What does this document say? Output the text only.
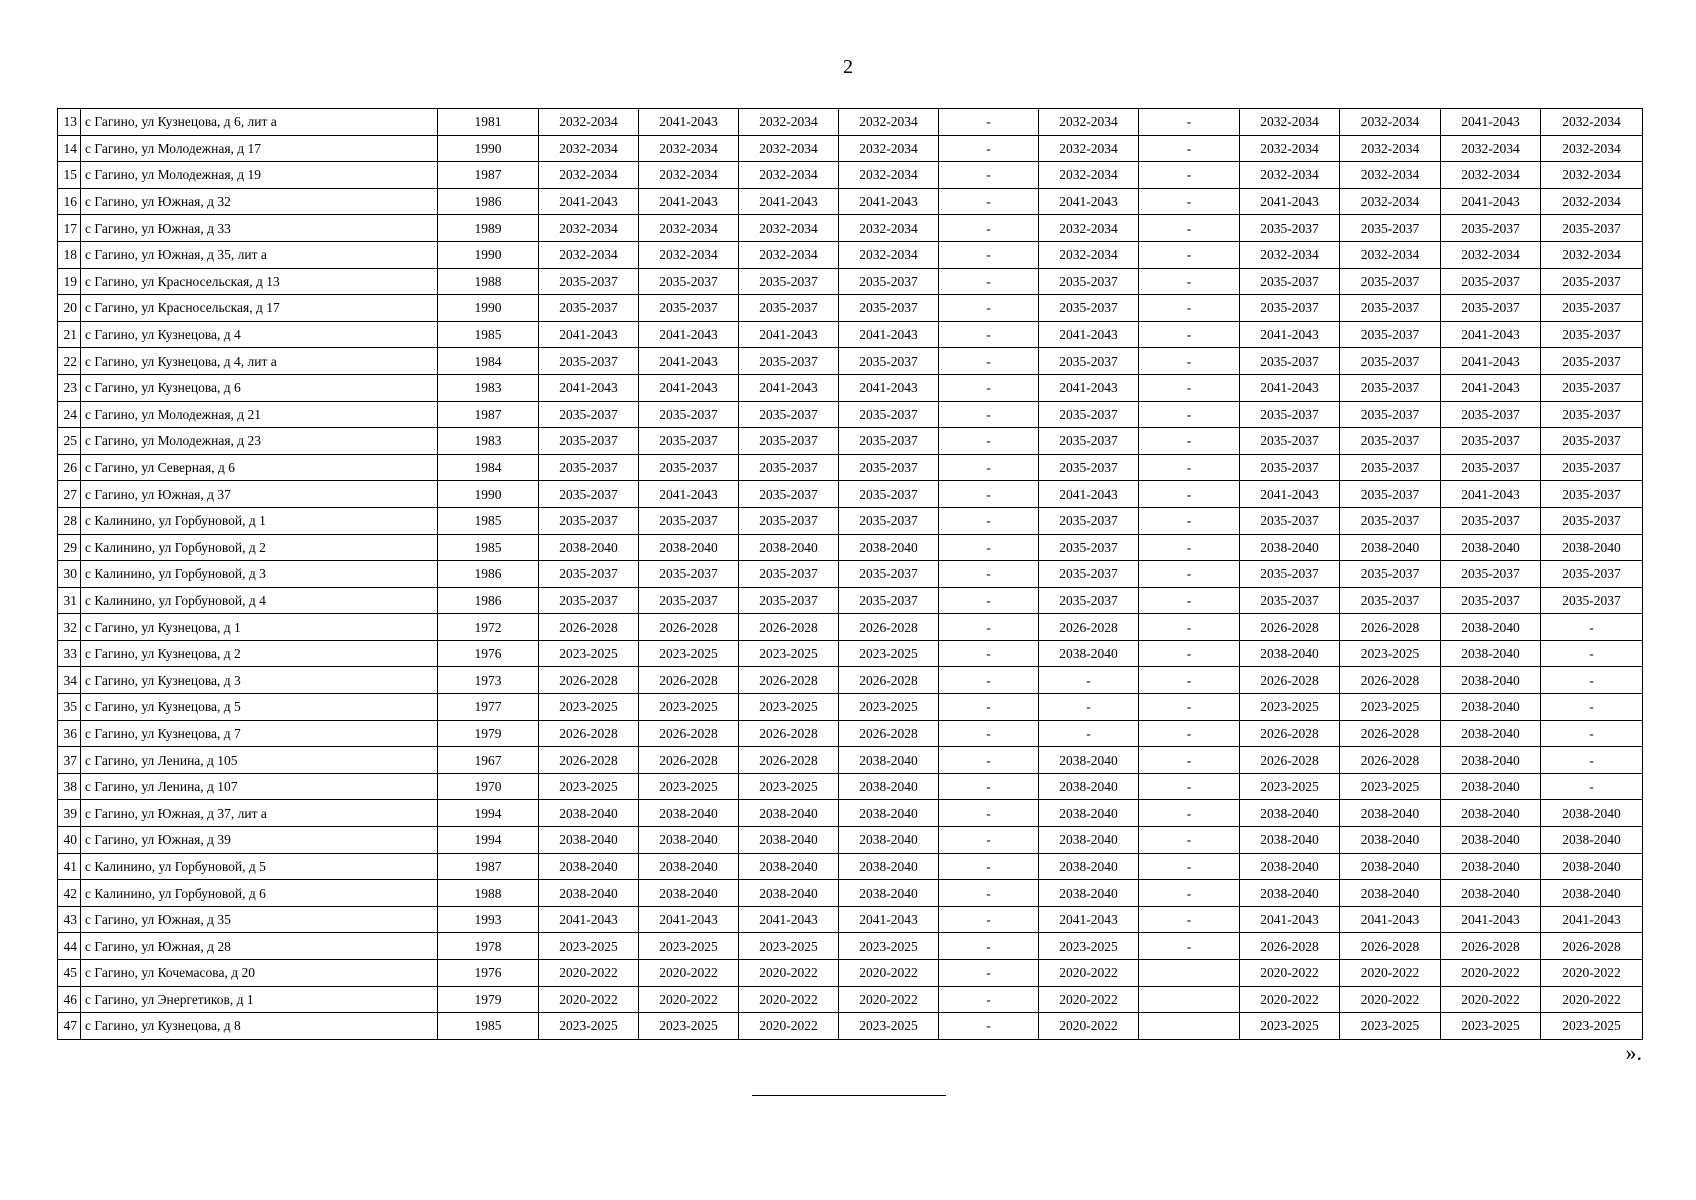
2
13	с Гагино, ул Кузнецова, д 6, лит а	1981	2032-2034	2041-2043	2032-2034	2032-2034	-	2032-2034	-	2032-2034	2032-2034	2041-2043	2032-2034
14	с Гагино, ул Молодежная, д 17	1990	2032-2034	2032-2034	2032-2034	2032-2034	-	2032-2034	-	2032-2034	2032-2034	2032-2034	2032-2034
15	с Гагино, ул Молодежная, д 19	1987	2032-2034	2032-2034	2032-2034	2032-2034	-	2032-2034	-	2032-2034	2032-2034	2032-2034	2032-2034
16	с Гагино, ул Южная, д 32	1986	2041-2043	2041-2043	2041-2043	2041-2043	-	2041-2043	-	2041-2043	2032-2034	2041-2043	2032-2034
17	с Гагино, ул Южная, д 33	1989	2032-2034	2032-2034	2032-2034	2032-2034	-	2032-2034	-	2035-2037	2035-2037	2035-2037	2035-2037
18	с Гагино, ул Южная, д 35, лит а	1990	2032-2034	2032-2034	2032-2034	2032-2034	-	2032-2034	-	2032-2034	2032-2034	2032-2034	2032-2034
19	с Гагино, ул Красносельская, д 13	1988	2035-2037	2035-2037	2035-2037	2035-2037	-	2035-2037	-	2035-2037	2035-2037	2035-2037	2035-2037
20	с Гагино, ул Красносельская, д 17	1990	2035-2037	2035-2037	2035-2037	2035-2037	-	2035-2037	-	2035-2037	2035-2037	2035-2037	2035-2037
21	с Гагино, ул Кузнецова, д 4	1985	2041-2043	2041-2043	2041-2043	2041-2043	-	2041-2043	-	2041-2043	2035-2037	2041-2043	2035-2037
22	с Гагино, ул Кузнецова, д 4, лит а	1984	2035-2037	2041-2043	2035-2037	2035-2037	-	2035-2037	-	2035-2037	2035-2037	2041-2043	2035-2037
23	с Гагино, ул Кузнецова, д 6	1983	2041-2043	2041-2043	2041-2043	2041-2043	-	2041-2043	-	2041-2043	2035-2037	2041-2043	2035-2037
24	с Гагино, ул Молодежная, д 21	1987	2035-2037	2035-2037	2035-2037	2035-2037	-	2035-2037	-	2035-2037	2035-2037	2035-2037	2035-2037
25	с Гагино, ул Молодежная, д 23	1983	2035-2037	2035-2037	2035-2037	2035-2037	-	2035-2037	-	2035-2037	2035-2037	2035-2037	2035-2037
26	с Гагино, ул Северная, д 6	1984	2035-2037	2035-2037	2035-2037	2035-2037	-	2035-2037	-	2035-2037	2035-2037	2035-2037	2035-2037
27	с Гагино, ул Южная, д 37	1990	2035-2037	2041-2043	2035-2037	2035-2037	-	2041-2043	-	2041-2043	2035-2037	2041-2043	2035-2037
28	с Калинино, ул Горбуновой, д 1	1985	2035-2037	2035-2037	2035-2037	2035-2037	-	2035-2037	-	2035-2037	2035-2037	2035-2037	2035-2037
29	с Калинино, ул Горбуновой, д 2	1985	2038-2040	2038-2040	2038-2040	2038-2040	-	2035-2037	-	2038-2040	2038-2040	2038-2040	2038-2040
30	с Калинино, ул Горбуновой, д 3	1986	2035-2037	2035-2037	2035-2037	2035-2037	-	2035-2037	-	2035-2037	2035-2037	2035-2037	2035-2037
31	с Калинино, ул Горбуновой, д 4	1986	2035-2037	2035-2037	2035-2037	2035-2037	-	2035-2037	-	2035-2037	2035-2037	2035-2037	2035-2037
32	с Гагино, ул Кузнецова, д 1	1972	2026-2028	2026-2028	2026-2028	2026-2028	-	2026-2028	-	2026-2028	2026-2028	2038-2040	-
33	с Гагино, ул Кузнецова, д 2	1976	2023-2025	2023-2025	2023-2025	2023-2025	-	2038-2040	-	2038-2040	2023-2025	2038-2040	-
34	с Гагино, ул Кузнецова, д 3	1973	2026-2028	2026-2028	2026-2028	2026-2028	-	-	-	2026-2028	2026-2028	2038-2040	-
35	с Гагино, ул Кузнецова, д 5	1977	2023-2025	2023-2025	2023-2025	2023-2025	-	-	-	2023-2025	2023-2025	2038-2040	-
36	с Гагино, ул Кузнецова, д 7	1979	2026-2028	2026-2028	2026-2028	2026-2028	-	-	-	2026-2028	2026-2028	2038-2040	-
37	с Гагино, ул Ленина, д 105	1967	2026-2028	2026-2028	2026-2028	2038-2040	-	2038-2040	-	2026-2028	2026-2028	2038-2040	-
38	с Гагино, ул Ленина, д 107	1970	2023-2025	2023-2025	2023-2025	2038-2040	-	2038-2040	-	2023-2025	2023-2025	2038-2040	-
39	с Гагино, ул Южная, д 37, лит а	1994	2038-2040	2038-2040	2038-2040	2038-2040	-	2038-2040	-	2038-2040	2038-2040	2038-2040	2038-2040
40	с Гагино, ул Южная, д 39	1994	2038-2040	2038-2040	2038-2040	2038-2040	-	2038-2040	-	2038-2040	2038-2040	2038-2040	2038-2040
41	с Калинино, ул Горбуновой, д 5	1987	2038-2040	2038-2040	2038-2040	2038-2040	-	2038-2040	-	2038-2040	2038-2040	2038-2040	2038-2040
42	с Калинино, ул Горбуновой, д 6	1988	2038-2040	2038-2040	2038-2040	2038-2040	-	2038-2040	-	2038-2040	2038-2040	2038-2040	2038-2040
43	с Гагино, ул Южная, д 35	1993	2041-2043	2041-2043	2041-2043	2041-2043	-	2041-2043	-	2041-2043	2041-2043	2041-2043	2041-2043
44	с Гагино, ул Южная, д 28	1978	2023-2025	2023-2025	2023-2025	2023-2025	-	2023-2025	-	2026-2028	2026-2028	2026-2028	2026-2028
45	с Гагино, ул Кочемасова, д 20	1976	2020-2022	2020-2022	2020-2022	2020-2022	-	2020-2022		2020-2022	2020-2022	2020-2022	2020-2022
46	с Гагино, ул Энергетиков, д 1	1979	2020-2022	2020-2022	2020-2022	2020-2022	-	2020-2022		2020-2022	2020-2022	2020-2022	2020-2022
47	с Гагино, ул Кузнецова, д 8	1985	2023-2025	2023-2025	2020-2022	2023-2025	-	2020-2022		2023-2025	2023-2025	2023-2025	2023-2025
».
